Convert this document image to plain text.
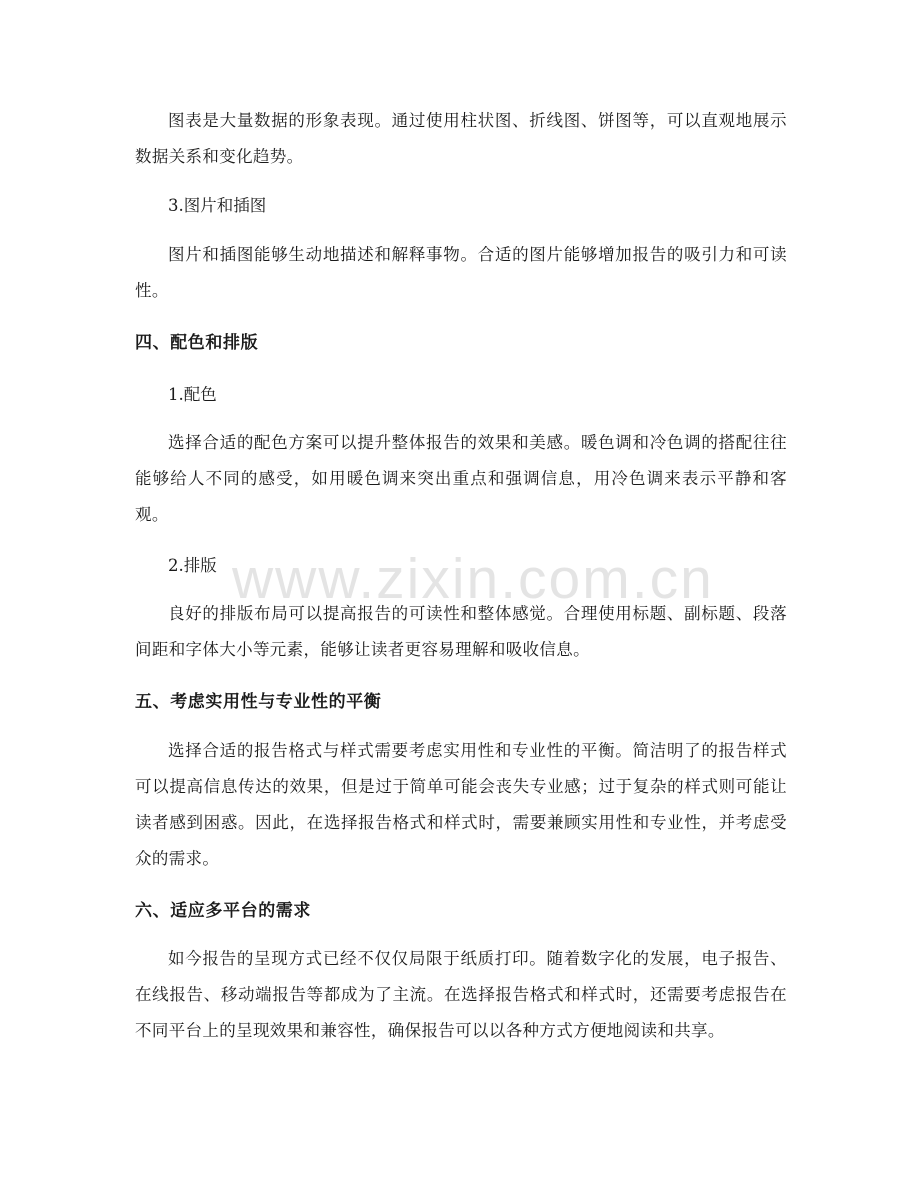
图表是大量数据的形象表现。通过使用柱状图、折线图、饼图等，可以直观地展示数据关系和变化趋势。

3.图片和插图

图片和插图能够生动地描述和解释事物。合适的图片能够增加报告的吸引力和可读性。

四、配色和排版

1.配色

选择合适的配色方案可以提升整体报告的效果和美感。暖色调和冷色调的搭配往往能够给人不同的感受，如用暖色调来突出重点和强调信息，用冷色调来表示平静和客观。

2.排版

良好的排版布局可以提高报告的可读性和整体感觉。合理使用标题、副标题、段落间距和字体大小等元素，能够让读者更容易理解和吸收信息。

五、考虑实用性与专业性的平衡

选择合适的报告格式与样式需要考虑实用性和专业性的平衡。简洁明了的报告样式可以提高信息传达的效果，但是过于简单可能会丧失专业感；过于复杂的样式则可能让读者感到困惑。因此，在选择报告格式和样式时，需要兼顾实用性和专业性，并考虑受众的需求。

六、适应多平台的需求

如今报告的呈现方式已经不仅仅局限于纸质打印。随着数字化的发展，电子报告、在线报告、移动端报告等都成为了主流。在选择报告格式和样式时，还需要考虑报告在不同平台上的呈现效果和兼容性，确保报告可以以各种方式方便地阅读和共享。

www.zixin.com.cn
